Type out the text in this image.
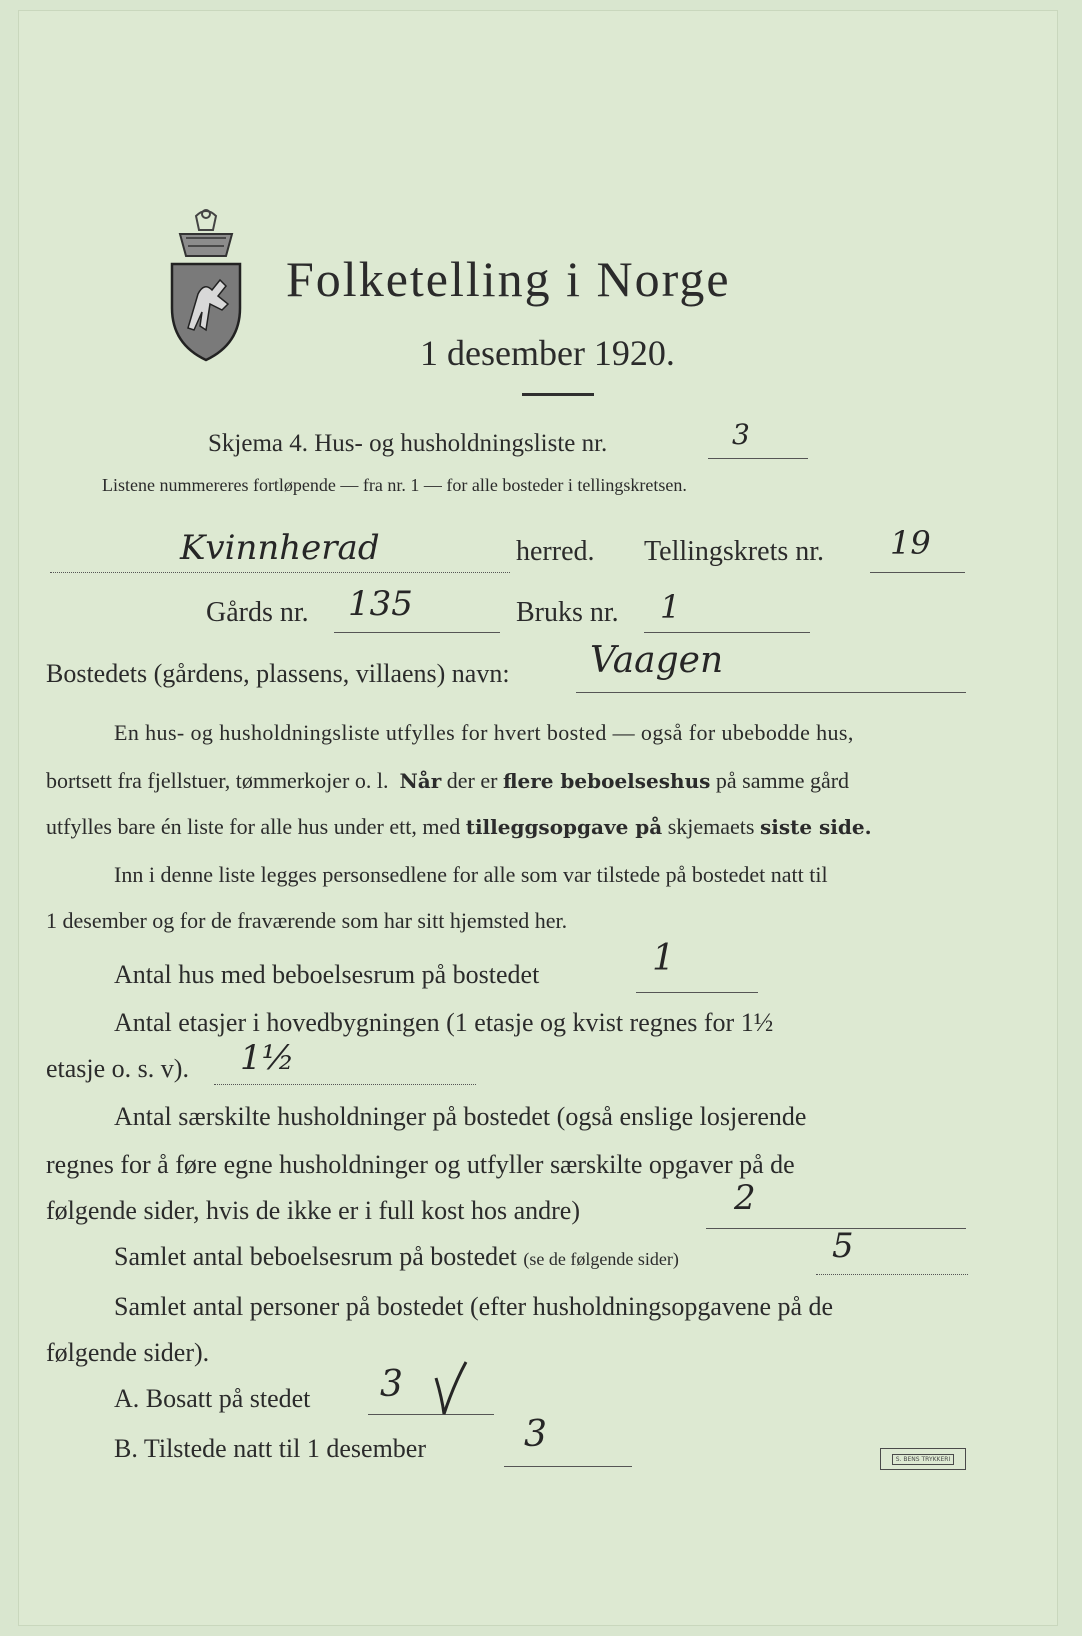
Folketelling i Norge
1 desember 1920.
Skjema 4. Hus- og husholdningsliste nr.	3
Listene nummereres fortløpende — fra nr. 1 — for alle bosteder i tellingskretsen.
Kvinnherad	herred. Tellingskrets nr. 19
Gårds nr. 135	Bruks nr. 1
Bostedets (gårdens, plassens, villaens) navn: Vaagen
En hus- og husholdningsliste utfylles for hvert bosted — også for ubebodde hus,
bortsett fra fjellstuer, tømmerkojer o. l. Når der er flere beboelseshus på samme gård
utfylles bare én liste for alle hus under ett, med tilleggsopgave på skjemaets siste side.
Inn i denne liste legges personsedlene for alle som var tilstede på bostedet natt til
1 desember og for de fraværende som har sitt hjemsted her.
Antal hus med beboelsesrum på bostedet	1
Antal etasjer i hovedbygningen (1 etasje og kvist regnes for 1½
etasje o. s. v). 1½
Antal særskilte husholdninger på bostedet (også enslige losjerende
regnes for å føre egne husholdninger og utfyller særskilte opgaver på de
følgende sider, hvis de ikke er i full kost hos andre)	2
Samlet antal beboelsesrum på bostedet (se de følgende sider)	5
Samlet antal personer på bostedet (efter husholdningsopgavene på de
følgende sider).
A. Bosatt på stedet 3
B. Tilstede natt til 1 desember	3
S. BENS TRYKKERI
